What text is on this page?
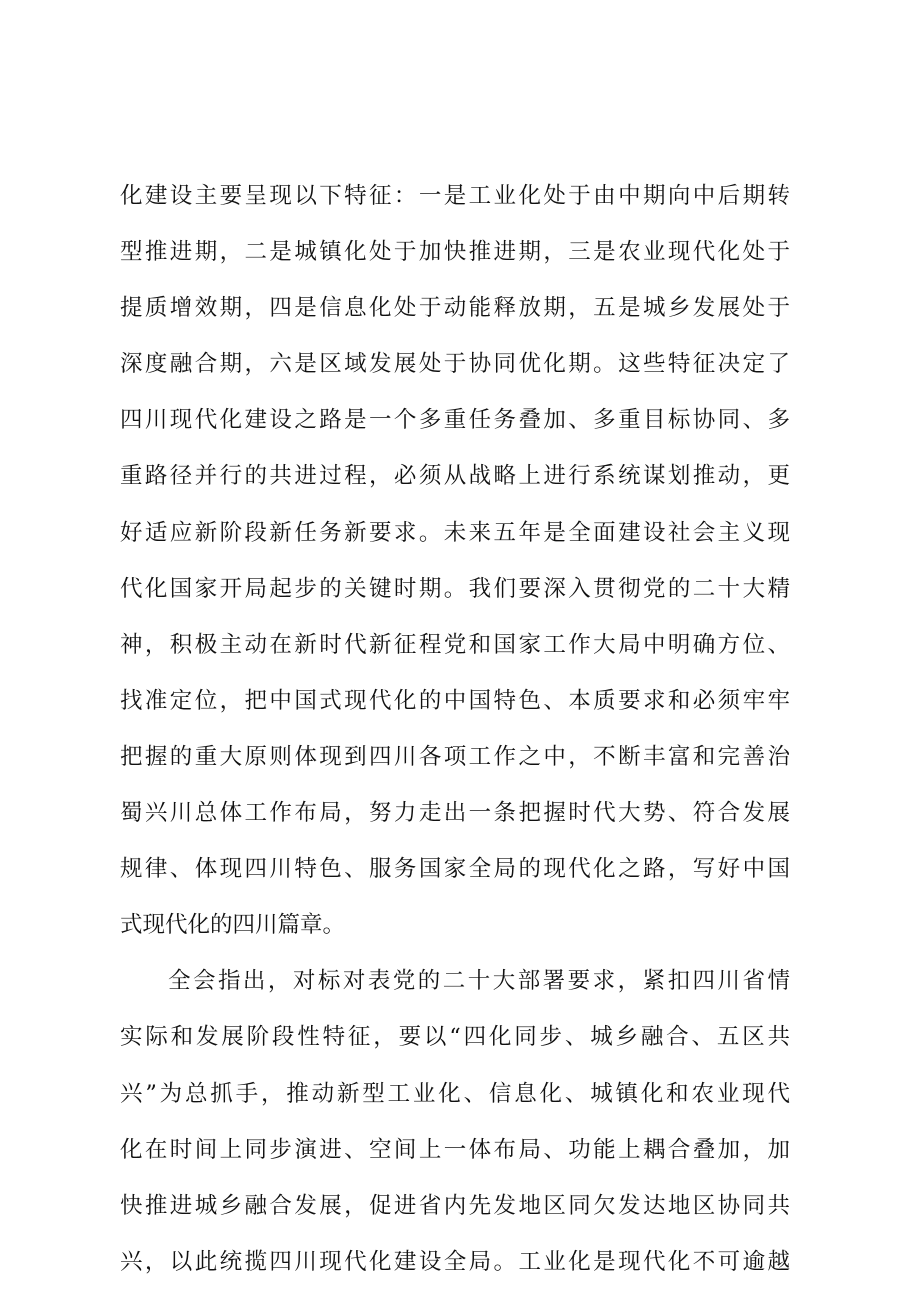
化建设主要呈现以下特征：一是工业化处于由中期向中后期转
型推进期，二是城镇化处于加快推进期，三是农业现代化处于
提质增效期，四是信息化处于动能释放期，五是城乡发展处于
深度融合期，六是区域发展处于协同优化期。这些特征决定了
四川现代化建设之路是一个多重任务叠加、多重目标协同、多
重路径并行的共进过程，必须从战略上进行系统谋划推动，更
好适应新阶段新任务新要求。未来五年是全面建设社会主义现
代化国家开局起步的关键时期。我们要深入贯彻党的二十大精
神，积极主动在新时代新征程党和国家工作大局中明确方位、
找准定位，把中国式现代化的中国特色、本质要求和必须牢牢
把握的重大原则体现到四川各项工作之中，不断丰富和完善治
蜀兴川总体工作布局，努力走出一条把握时代大势、符合发展
规律、体现四川特色、服务国家全局的现代化之路，写好中国
式现代化的四川篇章。
全会指出，对标对表党的二十大部署要求，紧扣四川省情
实际和发展阶段性特征，要以“四化同步、城乡融合、五区共
兴”为总抓手，推动新型工业化、信息化、城镇化和农业现代
化在时间上同步演进、空间上一体布局、功能上耦合叠加，加
快推进城乡融合发展，促进省内先发地区同欠发达地区协同共
兴，以此统揽四川现代化建设全局。工业化是现代化不可逾越
